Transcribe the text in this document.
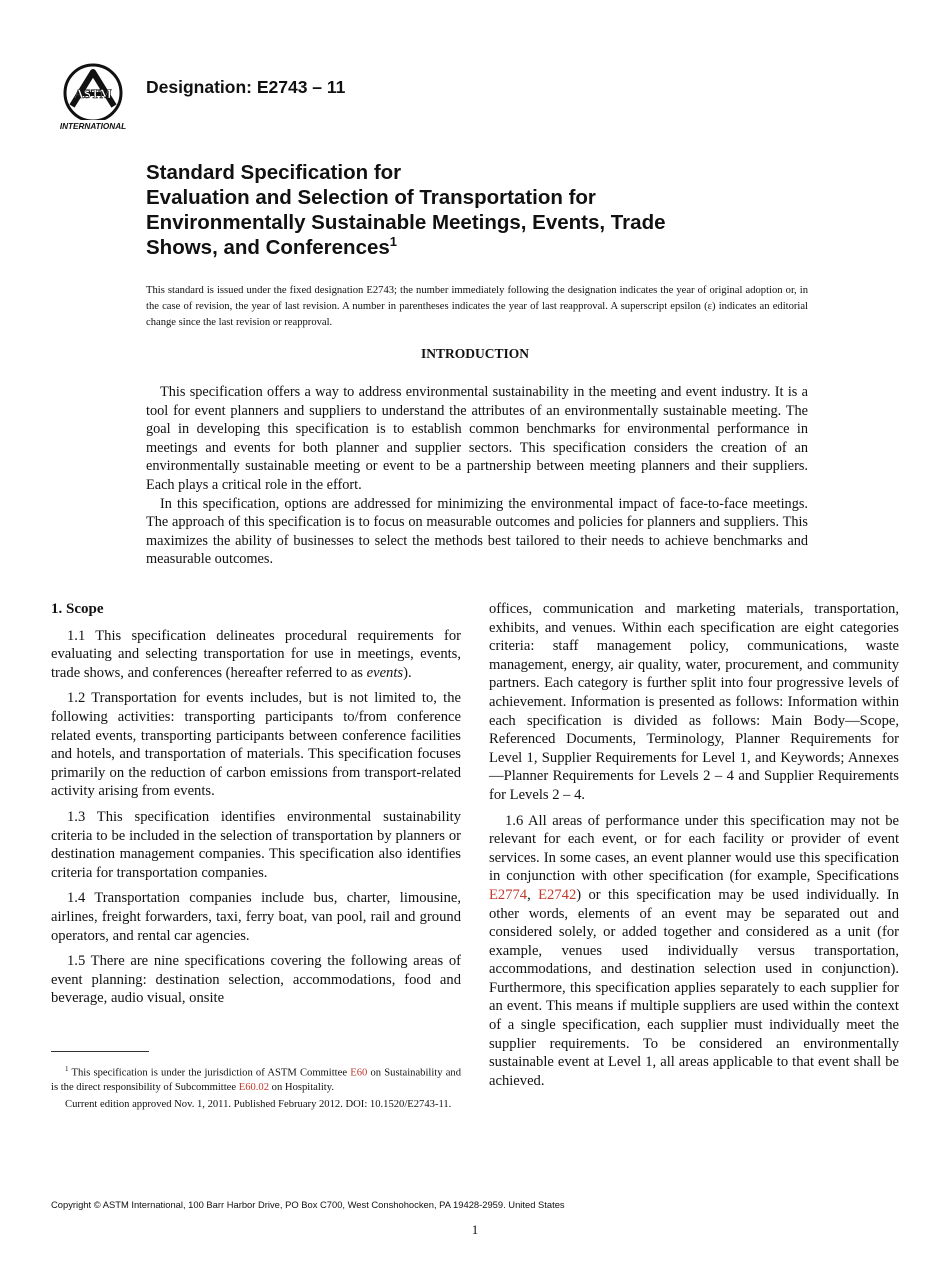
ASTM
INTERNATIONAL
Designation: E2743 – 11
Standard Specification for
Evaluation and Selection of Transportation for
Environmentally Sustainable Meetings, Events, Trade
Shows, and Conferences$^1$
This standard is issued under the fixed designation E2743; the number immediately following the designation indicates the year of original adoption or, in the case of revision, the year of last revision. A number in parentheses indicates the year of last reapproval. A superscript epsilon (ε) indicates an editorial change since the last revision or reapproval.
INTRODUCTION

This specification offers a way to address environmental sustainability in the meeting and event industry. It is a tool for event planners and suppliers to understand the attributes of an environmentally sustainable meeting. The goal in developing this specification is to establish common benchmarks for environmental performance in meetings and events for both planner and supplier sectors. This specification considers the creation of an environmentally sustainable meeting or event to be a partnership between meeting planners and their suppliers. Each plays a critical role in the effort.

In this specification, options are addressed for minimizing the environmental impact of face-to-face meetings. The approach of this specification is to focus on measurable outcomes and policies for planners and suppliers. This maximizes the ability of businesses to select the methods best tailored to their needs to achieve benchmarks and measurable outcomes.

1. Scope

1.1 This specification delineates procedural requirements for evaluating and selecting transportation for use in meetings, events, trade shows, and conferences (hereafter referred to as events).

1.2 Transportation for events includes, but is not limited to, the following activities: transporting participants to/from conference related events, transporting participants between conference facilities and hotels, and transportation of materials. This specification focuses primarily on the reduction of carbon emissions from transport-related activity arising from events.

1.3 This specification identifies environmental sustainability criteria to be included in the selection of transportation by planners or destination management companies. This specification also identifies criteria for transportation companies.

1.4 Transportation companies include bus, charter, limousine, airlines, freight forwarders, taxi, ferry boat, van pool, rail and ground operators, and rental car agencies.

1.5 There are nine specifications covering the following areas of event planning: destination selection, accommodations, food and beverage, audio visual, onsite

$^1$ This specification is under the jurisdiction of ASTM Committee E60 on Sustainability and is the direct responsibility of Subcommittee E60.02 on Hospitality.

Current edition approved Nov. 1, 2011. Published February 2012. DOI: 10.1520/E2743-11.

offices, communication and marketing materials, transportation, exhibits, and venues. Within each specification are eight categories criteria: staff management policy, communications, waste management, energy, air quality, water, procurement, and community partners. Each category is further split into four progressive levels of achievement. Information is presented as follows: Information within each specification is divided as follows: Main Body—Scope, Referenced Documents, Terminology, Planner Requirements for Level 1, Supplier Requirements for Level 1, and Keywords; Annexes—Planner Requirements for Levels 2 – 4 and Supplier Requirements for Levels 2 – 4.

1.6 All areas of performance under this specification may not be relevant for each event, or for each facility or provider of event services. In some cases, an event planner would use this specification in conjunction with other specification (for example, Specifications E2774, E2742) or this specification may be used individually. In other words, elements of an event may be separated out and considered solely, or added together and considered as a unit (for example, venues used individually versus transportation, accommodations, and destination selection used in conjunction). Furthermore, this specification applies separately to each supplier for an event. This means if multiple suppliers are used within the context of a single specification, each supplier must individually meet the supplier requirements. To be considered an environmentally sustainable event at Level 1, all areas applicable to that event shall be achieved.

Copyright © ASTM International, 100 Barr Harbor Drive, PO Box C700, West Conshohocken, PA 19428-2959. United States
1
